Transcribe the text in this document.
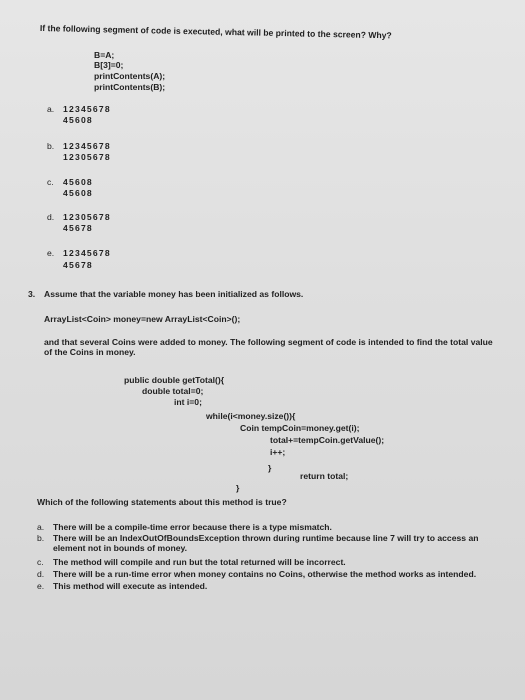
If the following segment of code is executed, what will be printed to the screen? Why?
B=A;
B[3]=0;
printContents(A);
printContents(B);
a. 12345678
45608
b. 12345678
12305678
c. 45608
45608
d. 12305678
45678
e. 12345678
45678
3. Assume that the variable money has been initialized as follows.
ArrayList<Coin> money=new ArrayList<Coin>();
and that several Coins were added to money. The following segment of code is intended to find the total value of the Coins in money.
public double getTotal(){
double total=0;
int i=0;
while(i<money.size()){
Coin tempCoin=money.get(i);
total+=tempCoin.getValue();
i++;
}
return total;
}
Which of the following statements about this method is true?
a. There will be a compile-time error because there is a type mismatch.
b. There will be an IndexOutOfBoundsException thrown during runtime because line 7 will try to access an element not in bounds of money.
c. The method will compile and run but the total returned will be incorrect.
d. There will be a run-time error when money contains no Coins, otherwise the method works as intended.
e. This method will execute as intended.
